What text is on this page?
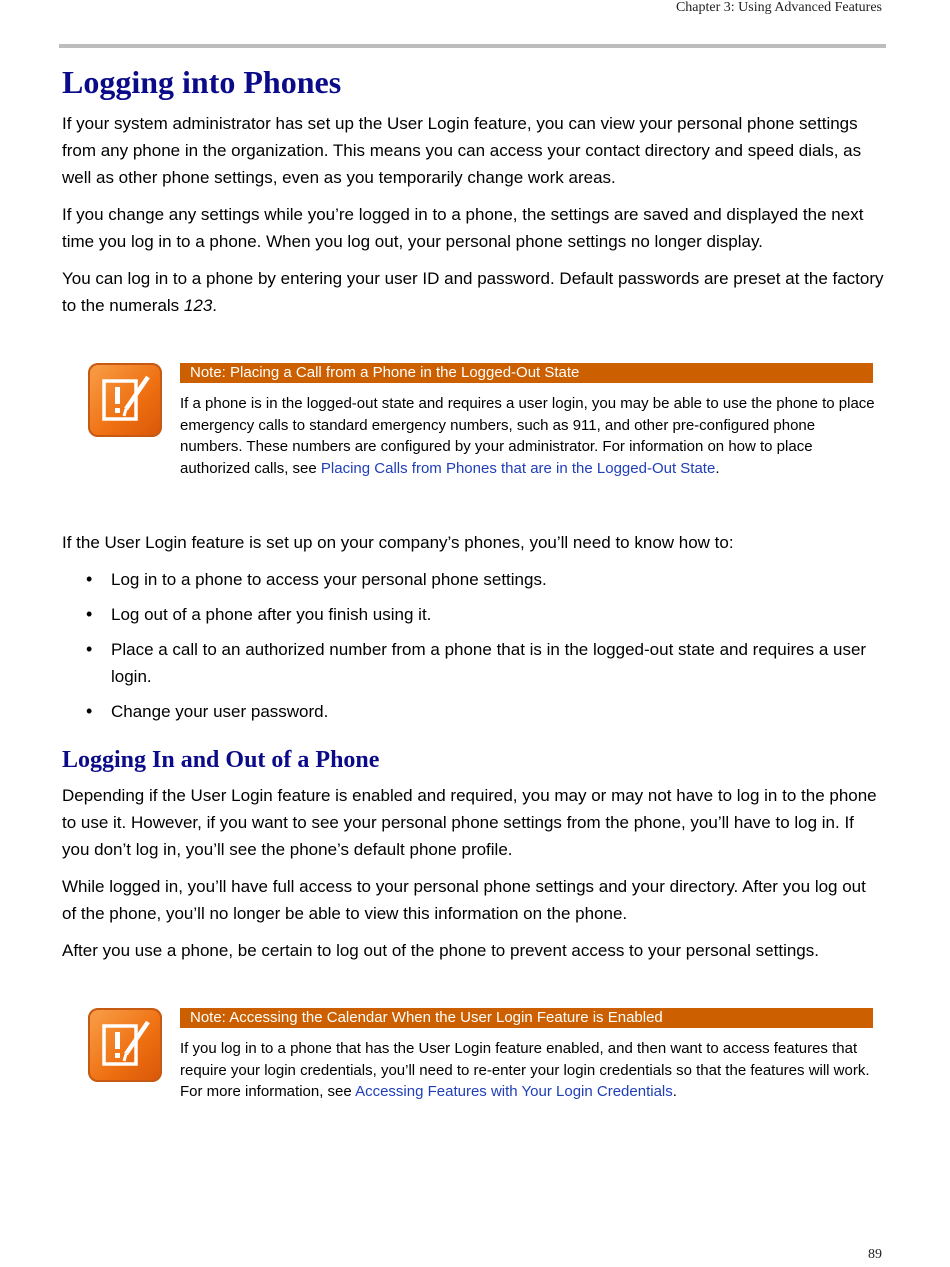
Chapter 3: Using Advanced Features
Logging into Phones

If your system administrator has set up the User Login feature, you can view your personal phone settings from any phone in the organization. This means you can access your contact directory and speed dials, as well as other phone settings, even as you temporarily change work areas.

If you change any settings while you’re logged in to a phone, the settings are saved and displayed the next time you log in to a phone. When you log out, your personal phone settings no longer display.

You can log in to a phone by entering your user ID and password. Default passwords are preset at the factory to the numerals 123.

Note: Placing a Call from a Phone in the Logged-Out State
If a phone is in the logged-out state and requires a user login, you may be able to use the phone to place emergency calls to standard emergency numbers, such as 911, and other pre-configured phone numbers. These numbers are configured by your administrator. For information on how to place authorized calls, see Placing Calls from Phones that are in the Logged-Out State.

If the User Login feature is set up on your company’s phones, you’ll need to know how to:

• Log in to a phone to access your personal phone settings.
• Log out of a phone after you finish using it.
• Place a call to an authorized number from a phone that is in the logged-out state and requires a user login.
• Change your user password.
Logging In and Out of a Phone

Depending if the User Login feature is enabled and required, you may or may not have to log in to the phone to use it. However, if you want to see your personal phone settings from the phone, you’ll have to log in. If you don’t log in, you’ll see the phone’s default phone profile.

While logged in, you’ll have full access to your personal phone settings and your directory. After you log out of the phone, you’ll no longer be able to view this information on the phone.

After you use a phone, be certain to log out of the phone to prevent access to your personal settings.

Note: Accessing the Calendar When the User Login Feature is Enabled
If you log in to a phone that has the User Login feature enabled, and then want to access features that require your login credentials, you’ll need to re-enter your login credentials so that the features will work. For more information, see Accessing Features with Your Login Credentials.
89
